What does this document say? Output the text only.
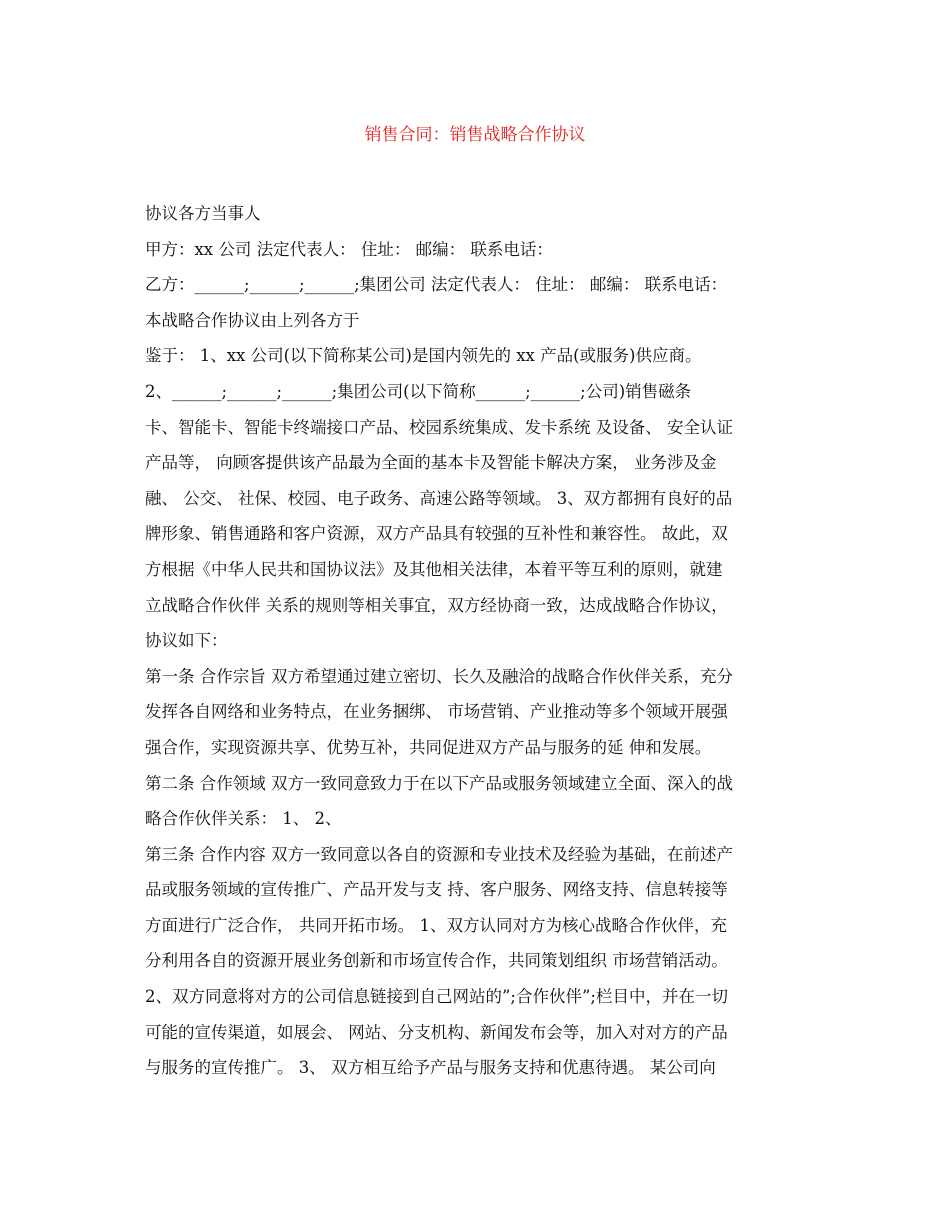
销售合同：销售战略合作协议
协议各方当事人
甲方：xx 公司 法定代表人： 住址： 邮编： 联系电话：
乙方：______;______;______;集团公司 法定代表人： 住址： 邮编： 联系电话：
本战略合作协议由上列各方于
鉴于： 1、xx 公司(以下简称某公司)是国内领先的 xx 产品(或服务)供应商。
2、______;______;______;集团公司(以下简称______;______;公司)销售磁条
卡、智能卡、智能卡终端接口产品、校园系统集成、发卡系统 及设备、 安全认证
产品等， 向顾客提供该产品最为全面的基本卡及智能卡解决方案， 业务涉及金
融、 公交、 社保、校园、电子政务、高速公路等领域。 3、双方都拥有良好的品
牌形象、销售通路和客户资源，双方产品具有较强的互补性和兼容性。 故此，双
方根据《中华人民共和国协议法》及其他相关法律，本着平等互利的原则，就建
立战略合作伙伴 关系的规则等相关事宜，双方经协商一致，达成战略合作协议，
协议如下：
第一条 合作宗旨 双方希望通过建立密切、长久及融洽的战略合作伙伴关系，充分
发挥各自网络和业务特点，在业务捆绑、 市场营销、产业推动等多个领域开展强
强合作，实现资源共享、优势互补，共同促进双方产品与服务的延 伸和发展。
第二条 合作领域 双方一致同意致力于在以下产品或服务领域建立全面、深入的战
略合作伙伴关系： 1、 2、
第三条 合作内容 双方一致同意以各自的资源和专业技术及经验为基础，在前述产
品或服务领域的宣传推广、产品开发与支 持、客户服务、网络支持、信息转接等
方面进行广泛合作， 共同开拓市场。 1、双方认同对方为核心战略合作伙伴，充
分利用各自的资源开展业务创新和市场宣传合作，共同策划组织 市场营销活动。
2、双方同意将对方的公司信息链接到自己网站的”;合作伙伴”;栏目中，并在一切
可能的宣传渠道，如展会、 网站、分支机构、新闻发布会等，加入对对方的产品
与服务的宣传推广。 3、 双方相互给予产品与服务支持和优惠待遇。 某公司向
